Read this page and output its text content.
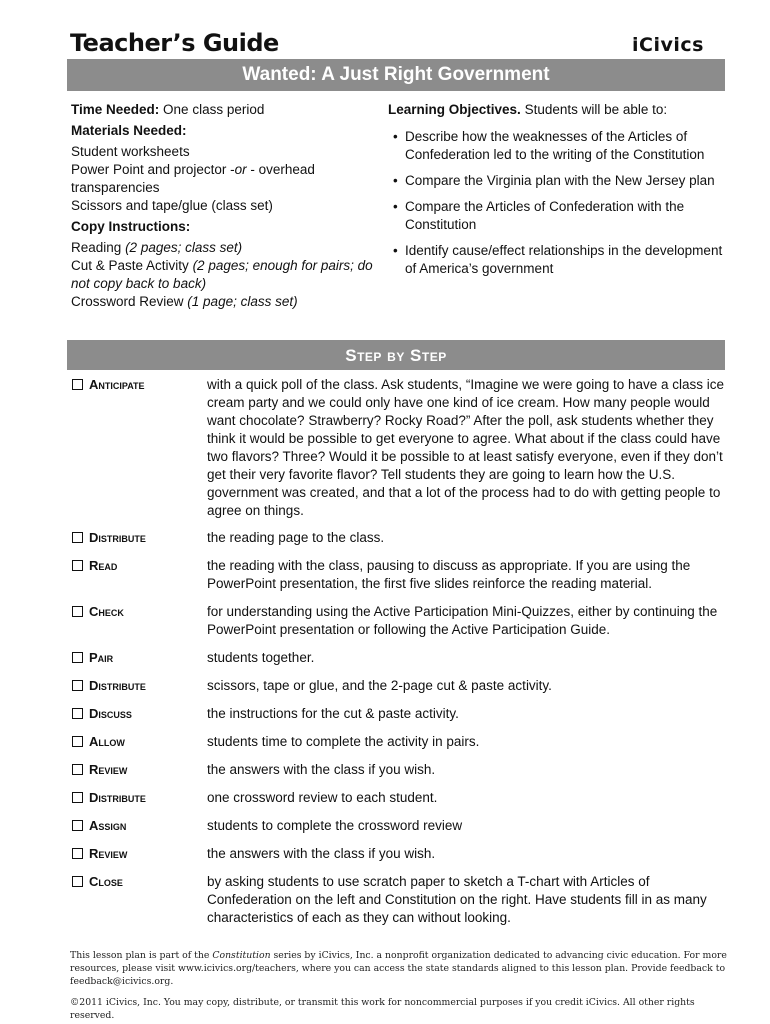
Teacher’s Guide	iCivics
Wanted: A Just Right Government
Time Needed: One class period
Materials Needed:
Student worksheets
Power Point and projector -or - overhead transparencies
Scissors and tape/glue (class set)
Copy Instructions:
Reading (2 pages; class set)
Cut & Paste Activity (2 pages; enough for pairs; do not copy back to back)
Crossword Review (1 page; class set)
Learning Objectives. Students will be able to:
• Describe how the weaknesses of the Articles of Confederation led to the writing of the Constitution
• Compare the Virginia plan with the New Jersey plan
• Compare the Articles of Confederation with the Constitution
• Identify cause/effect relationships in the development of America’s government
Step by Step
Anticipate	with a quick poll of the class. Ask students, “Imagine we were going to have a class ice cream party and we could only have one kind of ice cream. How many people would want chocolate? Strawberry? Rocky Road?” After the poll, ask students whether they think it would be possible to get everyone to agree. What about if the class could have two flavors? Three? Would it be possible to at least satisfy everyone, even if they don’t get their very favorite flavor? Tell students they are going to learn how the U.S. government was created, and that a lot of the process had to do with getting people to agree on things.
Distribute	the reading page to the class.
Read	the reading with the class, pausing to discuss as appropriate. If you are using the PowerPoint presentation, the first five slides reinforce the reading material.
Check	for understanding using the Active Participation Mini-Quizzes, either by continuing the PowerPoint presentation or following the Active Participation Guide.
Pair	students together.
Distribute	scissors, tape or glue, and the 2-page cut & paste activity.
Discuss	the instructions for the cut & paste activity.
Allow	students time to complete the activity in pairs.
Review	the answers with the class if you wish.
Distribute	one crossword review to each student.
Assign	students to complete the crossword review
Review	the answers with the class if you wish.
Close	by asking students to use scratch paper to sketch a T-chart with Articles of Confederation on the left and Constitution on the right. Have students fill in as many characteristics of each as they can without looking.
This lesson plan is part of the Constitution series by iCivics, Inc. a nonprofit organization dedicated to advancing civic education. For more resources, please visit www.icivics.org/teachers, where you can access the state standards aligned to this lesson plan. Provide feedback to feedback@icivics.org.
©2011 iCivics, Inc. You may copy, distribute, or transmit this work for noncommercial purposes if you credit iCivics. All other rights reserved.
